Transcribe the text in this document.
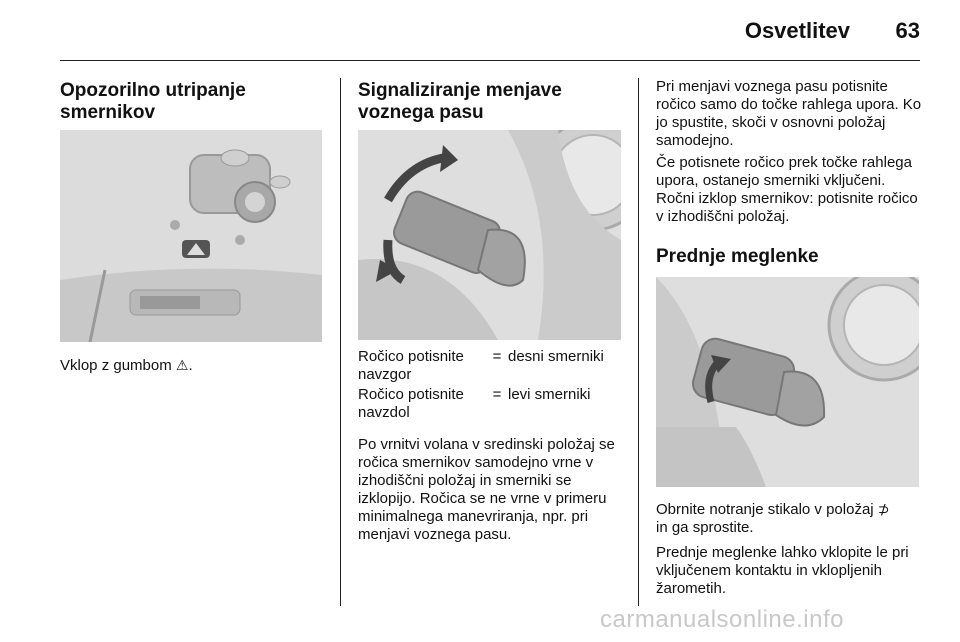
Osvetlitev	63
Opozorilno utripanje smernikov

Vklop z gumbom ⚠.

Signaliziranje menjave voznega pasu
Ročico potisnite navzgor	=	desni smerniki
Ročico potisnite navzdol	=	levi smerniki

Po vrnitvi volana v sredinski položaj se ročica smernikov samodejno vrne v izhodiščni položaj in smerniki se izklopijo. Ročica se ne vrne v primeru minimalnega manevriranja, npr. pri menjavi voznega pasu.

Pri menjavi voznega pasu potisnite ročico samo do točke rahlega upora. Ko jo spustite, skoči v osnovni položaj samodejno.

Če potisnete ročico prek točke rahlega upora, ostanejo smerniki vključeni. Ročni izklop smernikov: potisnite ročico v izhodiščni položaj.

Prednje meglenke

Obrnite notranje stikalo v položaj ⊅
in ga sprostite.

Prednje meglenke lahko vklopite le pri vključenem kontaktu in vklopljenih žarometih.

carmanualsonline.info
